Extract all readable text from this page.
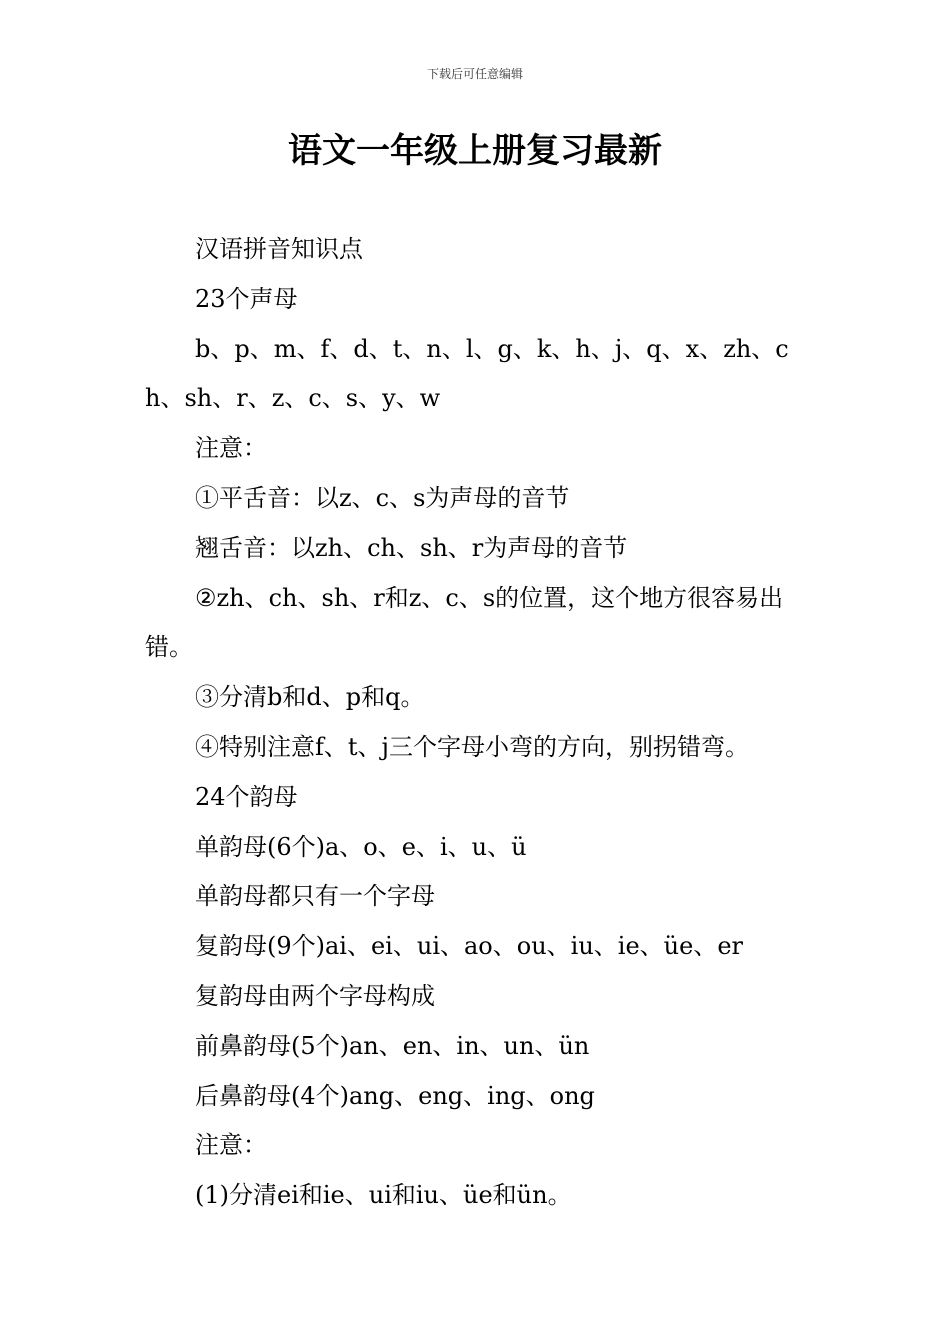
下载后可任意编辑
语文一年级上册复习最新

汉语拼音知识点

23个声母

b、p、m、f、d、t、n、l、g、k、h、j、q、x、zh、ch、sh、r、z、c、s、y、w

注意：

①平舌音：以z、c、s为声母的音节

翘舌音：以zh、ch、sh、r为声母的音节

②zh、ch、sh、r和z、c、s的位置，这个地方很容易出错。

③分清b和d、p和q。

④特别注意f、t、j三个字母小弯的方向，别拐错弯。

24个韵母

单韵母(6个)a、o、e、i、u、ü

单韵母都只有一个字母

复韵母(9个)ai、ei、ui、ao、ou、iu、ie、üe、er

复韵母由两个字母构成

前鼻韵母(5个)an、en、in、un、ün

后鼻韵母(4个)ang、eng、ing、ong

注意：

(1)分清ei和ie、ui和iu、üe和ün。
